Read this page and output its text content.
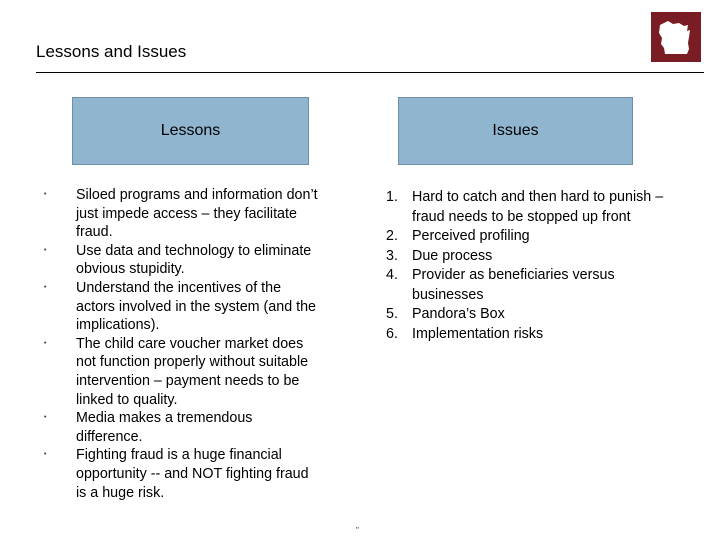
Lessons and Issues
Lessons	Issues
• Siloed programs and information don’t just impede access – they facilitate fraud.
• Use data and technology to eliminate obvious stupidity.
• Understand the incentives of the actors involved in the system (and the implications).
• The child care voucher market does not function properly without suitable intervention – payment needs to be linked to quality.
• Media makes a tremendous difference.
• Fighting fraud is a huge financial opportunity -- and NOT fighting fraud is a huge risk.
1. Hard to catch and then hard to punish – fraud needs to be stopped up front
2. Perceived profiling
3. Due process
4. Provider as beneficiaries versus businesses
5. Pandora’s Box
6. Implementation risks
"
